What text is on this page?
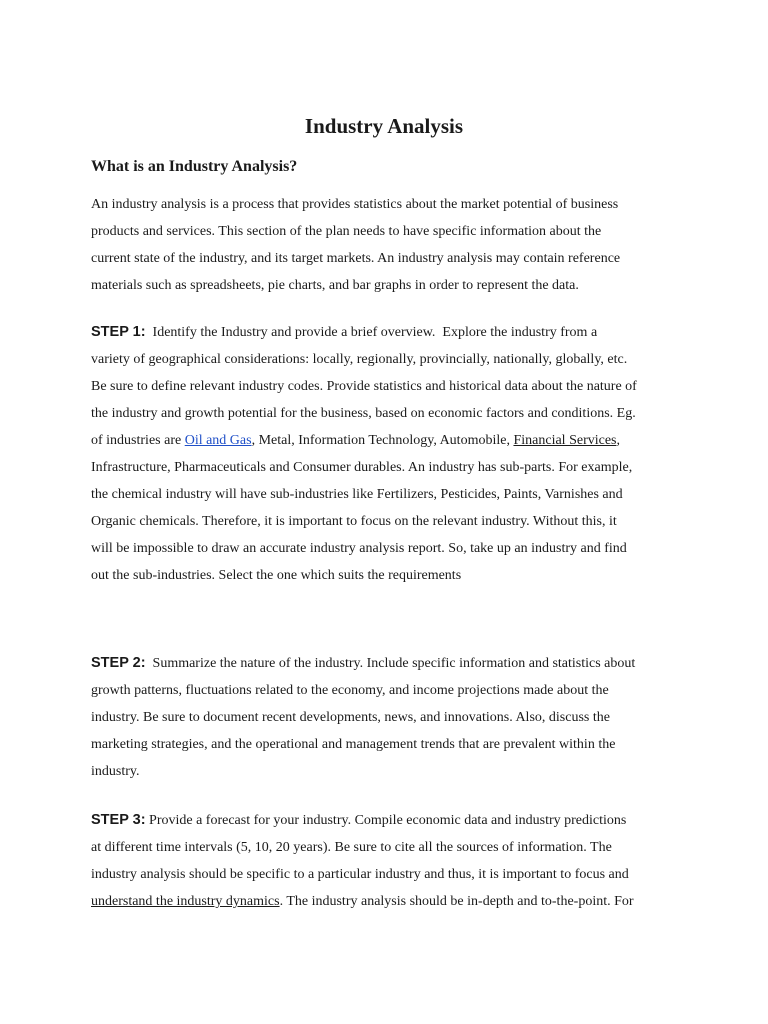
Industry Analysis
What is an Industry Analysis?

An industry analysis is a process that provides statistics about the market potential of business
products and services. This section of the plan needs to have specific information about the
current state of the industry, and its target markets. An industry analysis may contain reference
materials such as spreadsheets, pie charts, and bar graphs in order to represent the data.

STEP 1:  Identify the Industry and provide a brief overview.  Explore the industry from a
variety of geographical considerations: locally, regionally, provincially, nationally, globally, etc.
Be sure to define relevant industry codes. Provide statistics and historical data about the nature of
the industry and growth potential for the business, based on economic factors and conditions. Eg.
of industries are Oil and Gas, Metal, Information Technology, Automobile, Financial Services,
Infrastructure, Pharmaceuticals and Consumer durables. An industry has sub-parts. For example,
the chemical industry will have sub-industries like Fertilizers, Pesticides, Paints, Varnishes and
Organic chemicals. Therefore, it is important to focus on the relevant industry. Without this, it
will be impossible to draw an accurate industry analysis report. So, take up an industry and find
out the sub-industries. Select the one which suits the requirements

STEP 2:  Summarize the nature of the industry. Include specific information and statistics about
growth patterns, fluctuations related to the economy, and income projections made about the
industry. Be sure to document recent developments, news, and innovations. Also, discuss the
marketing strategies, and the operational and management trends that are prevalent within the
industry.

STEP 3: Provide a forecast for your industry. Compile economic data and industry predictions
at different time intervals (5, 10, 20 years). Be sure to cite all the sources of information. The
industry analysis should be specific to a particular industry and thus, it is important to focus and
understand the industry dynamics. The industry analysis should be in-depth and to-the-point. For
